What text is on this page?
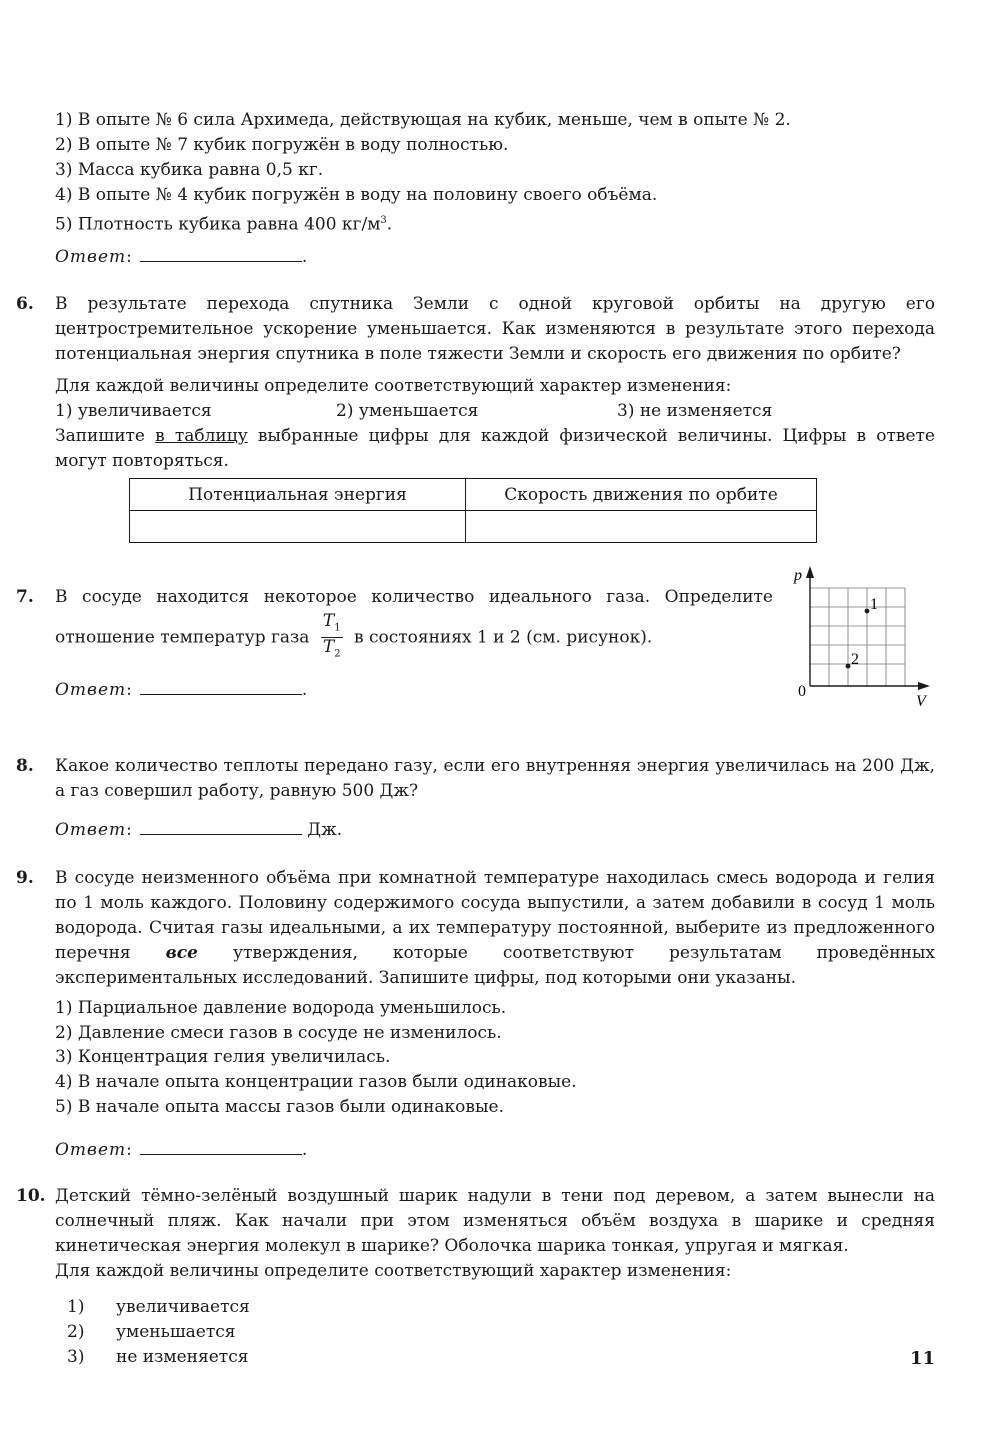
1) В опыте № 6 сила Архимеда, действующая на кубик, меньше, чем в опыте № 2.
2) В опыте № 7 кубик погружён в воду полностью.
3) Масса кубика равна 0,5 кг.
4) В опыте № 4 кубик погружён в воду на половину своего объёма.
5) Плотность кубика равна 400 $кг/м^3$.
Ответ:	.
6. В результате перехода спутника Земли с одной круговой орбиты на другую его центростремительное ускорение уменьшается. Как изменяются в результате этого перехода потенциальная энергия спутника в поле тяжести Земли и скорость его движения по орбите?
Для каждой величины определите соответствующий характер изменения:
1) увеличивается	2) уменьшается	3) не изменяется
Запишите в таблицу выбранные цифры для каждой физической величины. Цифры в ответе могут повторяться.
Потенциальная энергия	Скорость движения по орбите

7. В сосуде находится некоторое количество идеального газа. Определите
отношение температур газа $\frac{T_1}{T_2}$ в состояниях 1 и 2 (см. рисунок).
Ответ:	.
p
V
0
1
2
8. Какое количество теплоты передано газу, если его внутренняя энергия увеличилась на 200 Дж, а газ совершил работу, равную 500 Дж?
Ответ:	Дж.
9. В сосуде неизменного объёма при комнатной температуре находилась смесь водорода и гелия по 1 моль каждого. Половину содержимого сосуда выпустили, а затем добавили в сосуд 1 моль водорода. Считая газы идеальными, а их температуру постоянной, выберите из предложенного перечня все утверждения, которые соответствуют результатам проведённых экспериментальных исследований. Запишите цифры, под которыми они указаны.
1) Парциальное давление водорода уменьшилось.
2) Давление смеси газов в сосуде не изменилось.
3) Концентрация гелия увеличилась.
4) В начале опыта концентрации газов были одинаковые.
5) В начале опыта массы газов были одинаковые.
Ответ:	.
10. Детский тёмно-зелёный воздушный шарик надули в тени под деревом, а затем вынесли на солнечный пляж. Как начали при этом изменяться объём воздуха в шарике и средняя кинетическая энергия молекул в шарике? Оболочка шарика тонкая, упругая и мягкая.
Для каждой величины определите соответствующий характер изменения:
1) увеличивается
2) уменьшается
3) не изменяется	11
